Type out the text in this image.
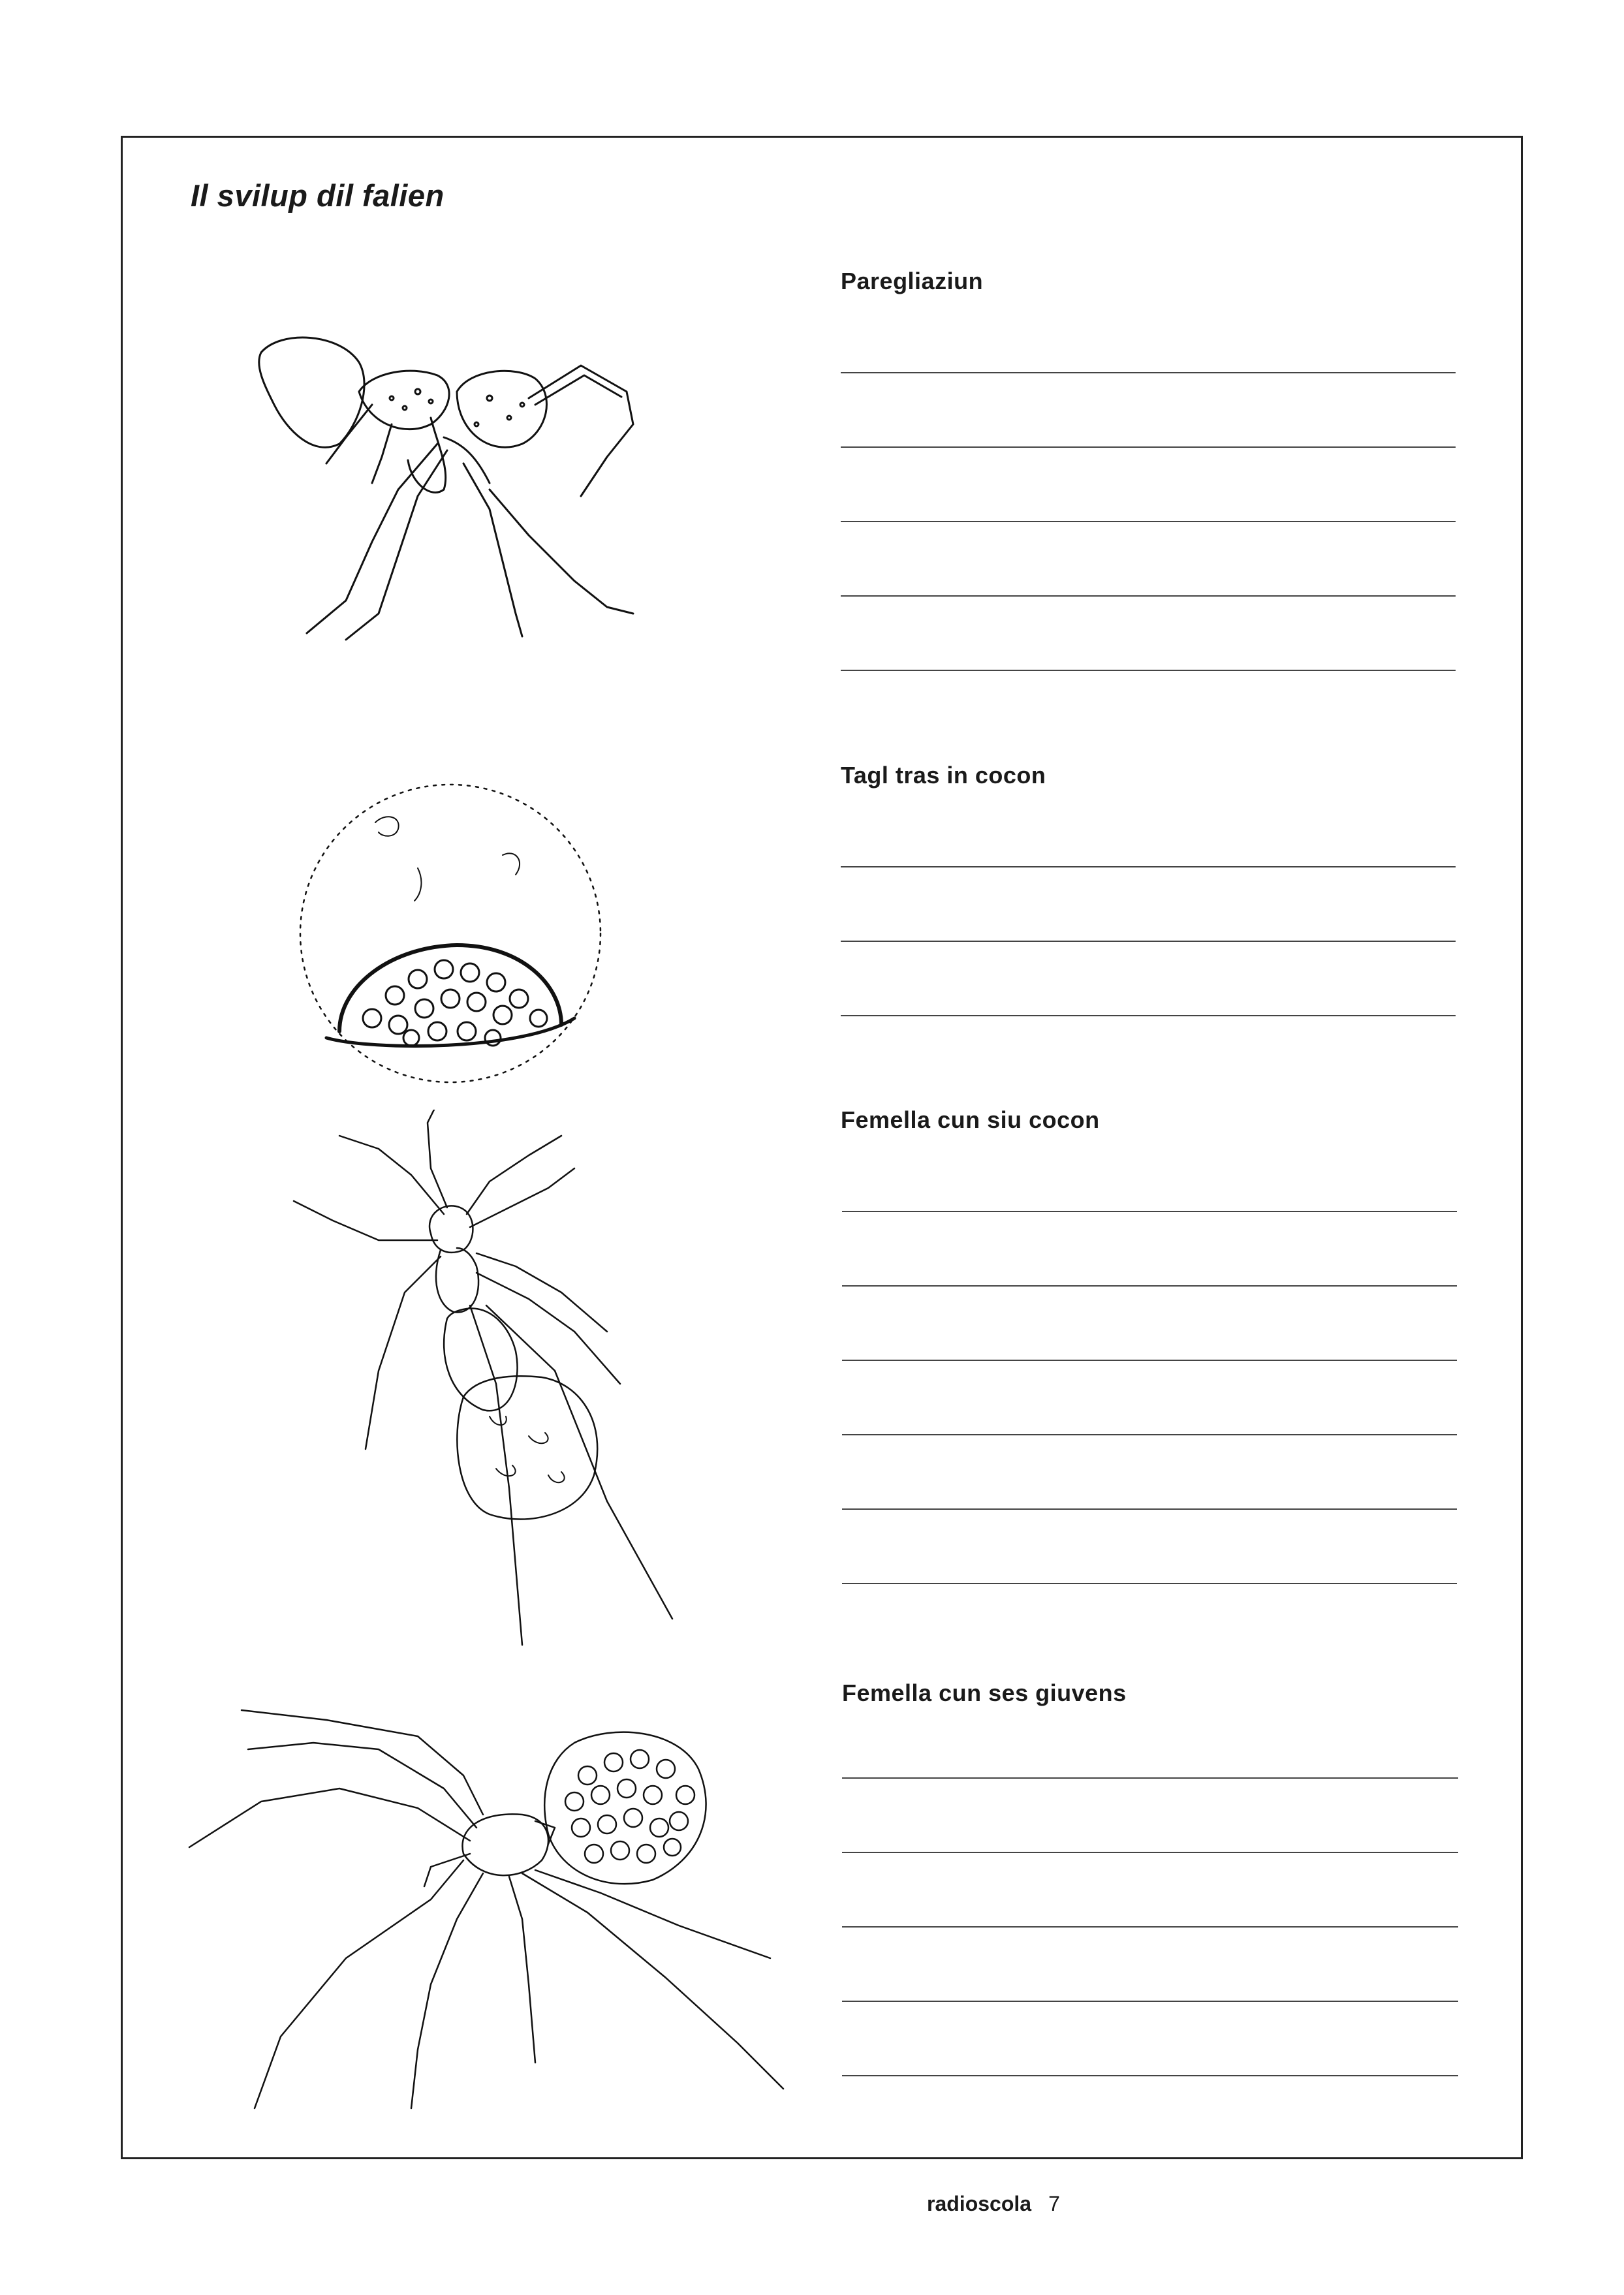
Il svilup dil falien
Paregliaziun
Tagl tras in cocon
Femella cun siu cocon
Femella cun ses giuvens
radioscola 7
